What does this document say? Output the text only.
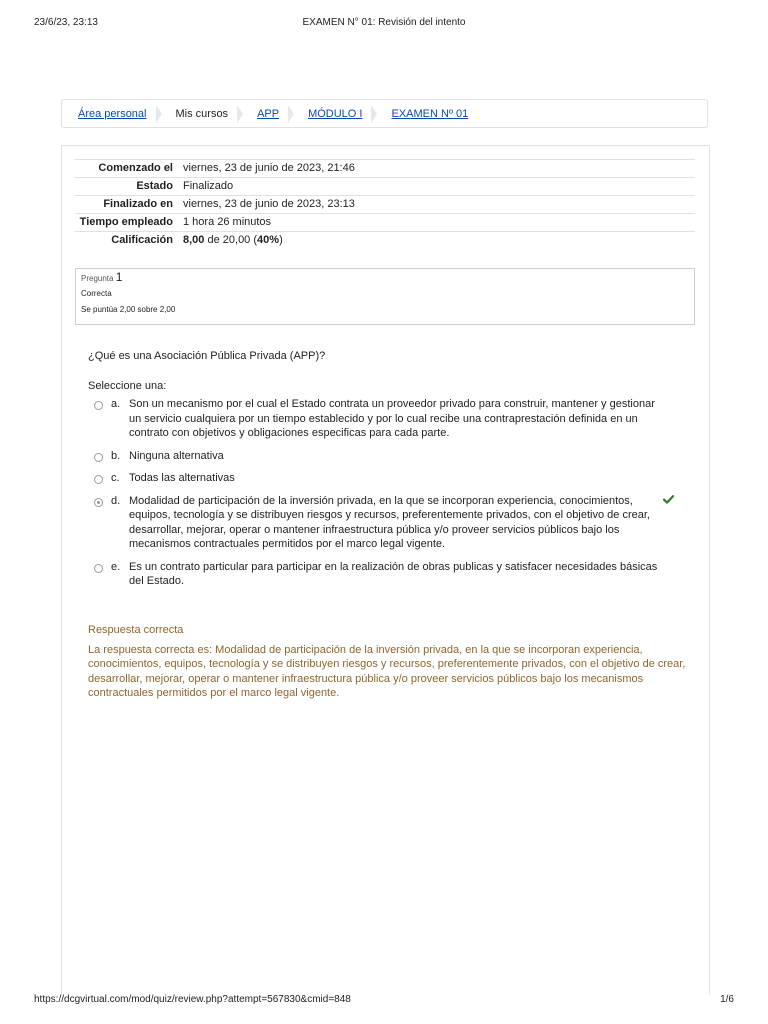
23/6/23, 23:13	EXAMEN N° 01: Revisión del intento
Área personal	Mis cursos	APP	MÓDULO I	EXAMEN Nº 01
Comenzado el	viernes, 23 de junio de 2023, 21:46
Estado	Finalizado
Finalizado en	viernes, 23 de junio de 2023, 23:13
Tiempo empleado	1 hora 26 minutos
Calificación	8,00 de 20,00 (40%)
Pregunta 1
Correcta
Se puntúa 2,00 sobre 2,00
¿Qué es una Asociación Pública Privada (APP)?
Seleccione una:
a. Son un mecanismo por el cual el Estado contrata un proveedor privado para construir, mantener y gestionar un servicio cualquiera por un tiempo establecido y por lo cual recibe una contraprestación definida en un contrato con objetivos y obligaciones especificas para cada parte.
b. Ninguna alternativa
c. Todas las alternativas
d. Modalidad de participación de la inversión privada, en la que se incorporan experiencia, conocimientos, equipos, tecnología y se distribuyen riesgos y recursos, preferentemente privados, con el objetivo de crear, desarrollar, mejorar, operar o mantener infraestructura pública y/o proveer servicios públicos bajo los mecanismos contractuales permitidos por el marco legal vigente.
e. Es un contrato particular para participar en la realización de obras publicas y satisfacer necesidades básicas del Estado.
Respuesta correcta
La respuesta correcta es: Modalidad de participación de la inversión privada, en la que se incorporan experiencia, conocimientos, equipos, tecnología y se distribuyen riesgos y recursos, preferentemente privados, con el objetivo de crear, desarrollar, mejorar, operar o mantener infraestructura pública y/o proveer servicios públicos bajo los mecanismos contractuales permitidos por el marco legal vigente.
https://dcgvirtual.com/mod/quiz/review.php?attempt=567830&cmid=848	1/6
